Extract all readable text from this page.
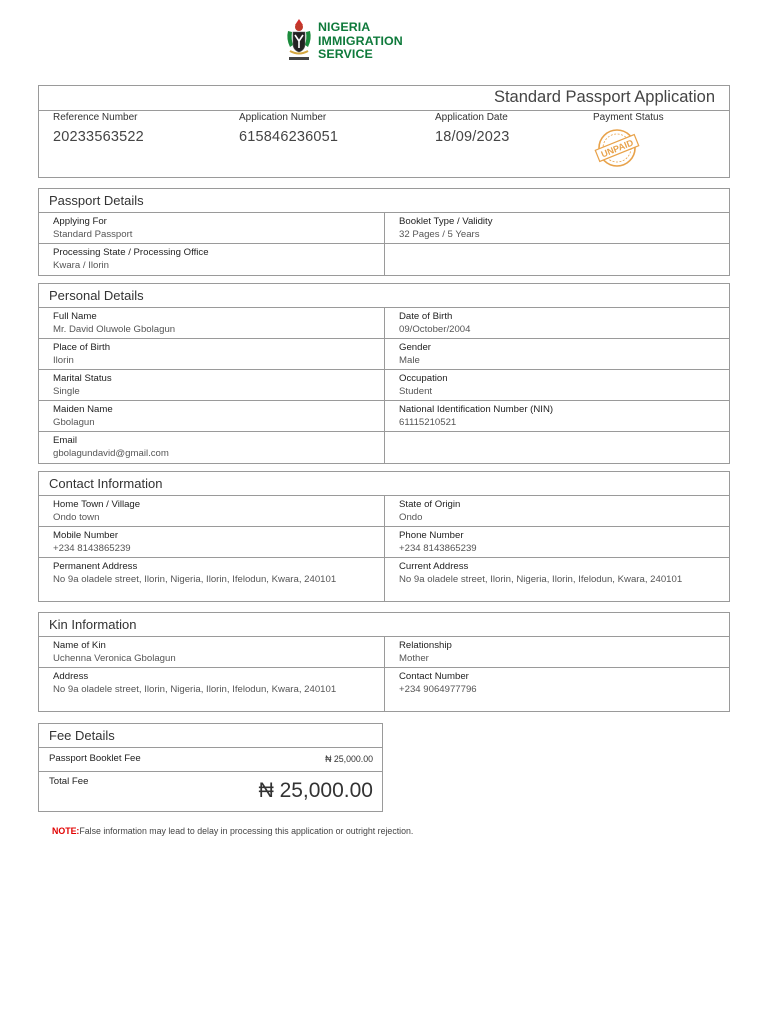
NIGERIA
IMMIGRATION
SERVICE
Standard Passport Application
Reference Number
20233563522
Application Number
615846236051
Application Date
18/09/2023
Payment Status
UNPAID
Passport Details
Applying For
Standard Passport
Booklet Type / Validity
32 Pages / 5 Years
Processing State / Processing Office
Kwara / Ilorin
Personal Details
Full Name
Mr. David Oluwole Gbolagun
Date of Birth
09/October/2004
Place of Birth
Ilorin
Gender
Male
Marital Status
Single
Occupation
Student
Maiden Name
Gbolagun
National Identification Number (NIN)
61115210521
Email
gbolagundavid@gmail.com
Contact Information
Home Town / Village
Ondo town
State of Origin
Ondo
Mobile Number
+234 8143865239
Phone Number
+234 8143865239
Permanent Address
No 9a oladele street, Ilorin, Nigeria, Ilorin, Ifelodun, Kwara, 240101
Current Address
No 9a oladele street, Ilorin, Nigeria, Ilorin, Ifelodun, Kwara, 240101
Kin Information
Name of Kin
Uchenna Veronica Gbolagun
Relationship
Mother
Address
No 9a oladele street, Ilorin, Nigeria, Ilorin, Ifelodun, Kwara, 240101
Contact Number
+234 9064977796
Fee Details
Passport Booklet Fee	₦ 25,000.00
Total Fee	₦ 25,000.00
NOTE:False information may lead to delay in processing this application or outright rejection.
